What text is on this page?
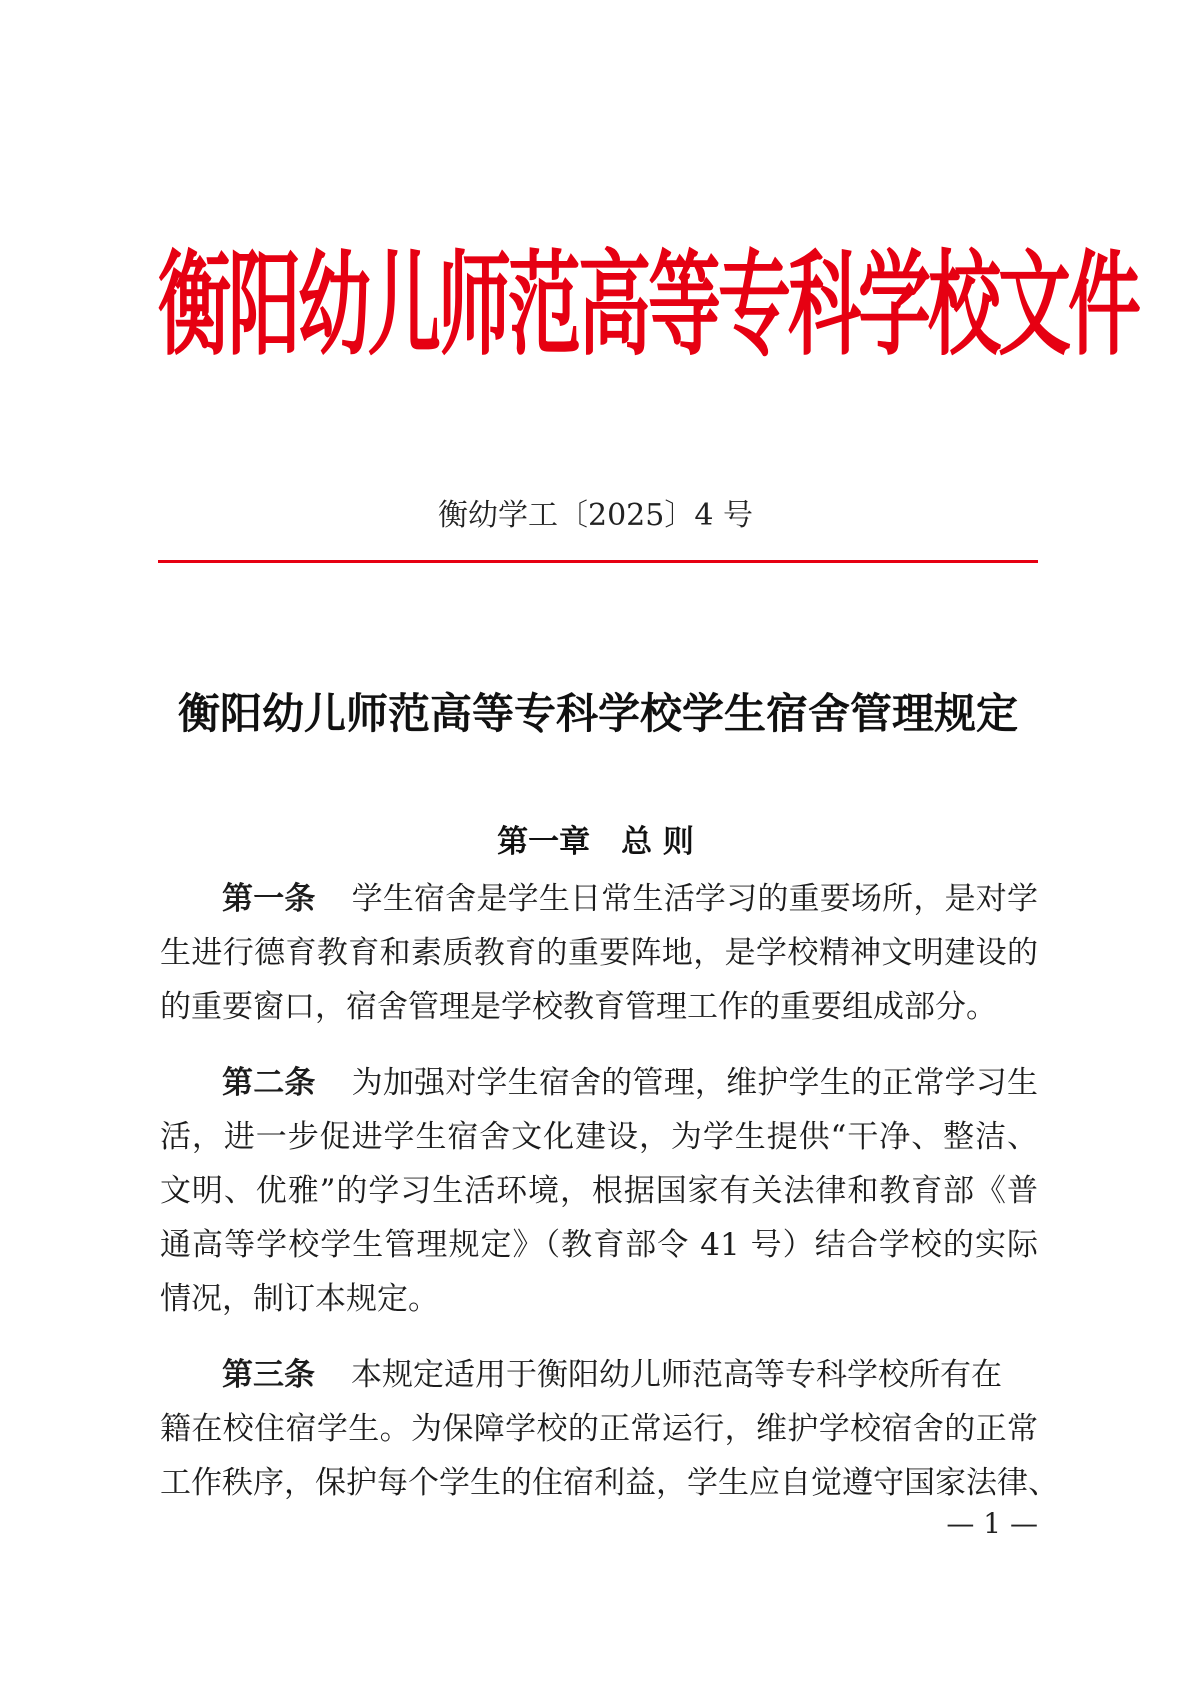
衡阳幼儿师范高等专科学校文件
衡幼学工〔2025〕4 号
衡阳幼儿师范高等专科学校学生宿舍管理规定
第一章　总 则
第一条 学生宿舍是学生日常生活学习的重要场所，是对学
生进行德育教育和素质教育的重要阵地，是学校精神文明建设的
的重要窗口，宿舍管理是学校教育管理工作的重要组成部分。
第二条 为加强对学生宿舍的管理，维护学生的正常学习生
活，进一步促进学生宿舍文化建设，为学生提供“干净、整洁、
文明、优雅”的学习生活环境，根据国家有关法律和教育部《普
通高等学校学生管理规定》（教育部令 41 号）结合学校的实际
情况，制订本规定。
第三条 本规定适用于衡阳幼儿师范高等专科学校所有在
籍在校住宿学生。为保障学校的正常运行，维护学校宿舍的正常
工作秩序，保护每个学生的住宿利益，学生应自觉遵守国家法律、
— 1 —
